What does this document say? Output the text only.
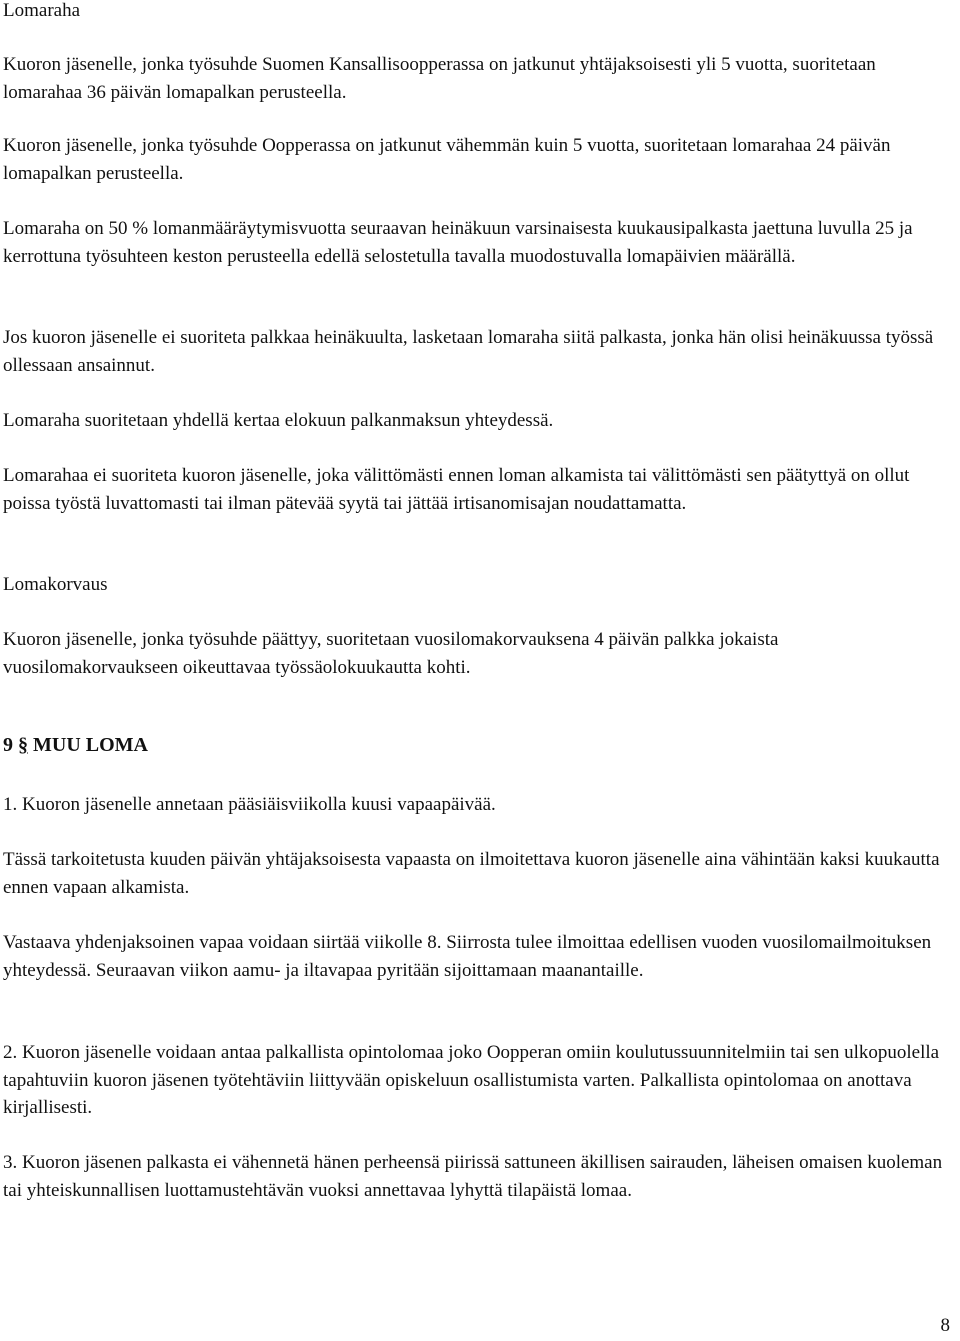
Lomaraha

Kuoron jäsenelle, jonka työsuhde Suomen Kansallisoopperassa on jatkunut yhtäjaksoisesti yli 5 vuotta, suoritetaan lomarahaa 36 päivän lomapalkan perusteella.

Kuoron jäsenelle, jonka työsuhde Oopperassa on jatkunut vähemmän kuin 5 vuotta, suoritetaan lomarahaa 24 päivän lomapalkan perusteella.

Lomaraha on 50 % lomanmääräytymisvuotta seuraavan heinäkuun varsinaisesta kuukausipalkasta jaettuna luvulla 25 ja kerrottuna työsuhteen keston perusteella edellä selostetulla tavalla muodostuvalla lomapäivien määrällä.

Jos kuoron jäsenelle ei suoriteta palkkaa heinäkuulta, lasketaan lomaraha siitä palkasta, jonka hän olisi heinäkuussa työssä ollessaan ansainnut.

Lomaraha suoritetaan yhdellä kertaa elokuun palkanmaksun yhteydessä.

Lomarahaa ei suoriteta kuoron jäsenelle, joka välittömästi ennen loman alkamista tai välittömästi sen päätyttyä on ollut poissa työstä luvattomasti tai ilman pätevää syytä tai jättää irtisanomisajan noudattamatta.

Lomakorvaus

Kuoron jäsenelle, jonka työsuhde päättyy, suoritetaan vuosilomakorvauksena 4 päivän palkka jokaista vuosilomakorvaukseen oikeuttavaa työssäolokuukautta kohti.

9 § MUU LOMA

1. Kuoron jäsenelle annetaan pääsiäisviikolla kuusi vapaapäivää.

Tässä tarkoitetusta kuuden päivän yhtäjaksoisesta vapaasta on ilmoitettava kuoron jäsenelle aina vähintään kaksi kuukautta ennen vapaan alkamista.

Vastaava yhdenjaksoinen vapaa voidaan siirtää viikolle 8. Siirrosta tulee ilmoittaa edellisen vuoden vuosilomailmoituksen yhteydessä. Seuraavan viikon aamu- ja iltavapaa pyritään sijoittamaan maanantaille.

2. Kuoron jäsenelle voidaan antaa palkallista opintolomaa joko Oopperan omiin koulutussuunnitelmiin tai sen ulkopuolella tapahtuviin kuoron jäsenen työtehtäviin liittyvään opiskeluun osallistumista varten. Palkallista opintolomaa on anottava kirjallisesti.

3. Kuoron jäsenen palkasta ei vähennetä hänen perheensä piirissä sattuneen äkillisen sairauden, läheisen omaisen kuoleman tai yhteiskunnallisen luottamustehtävän vuoksi annettavaa lyhyttä tilapäistä lomaa.

8
